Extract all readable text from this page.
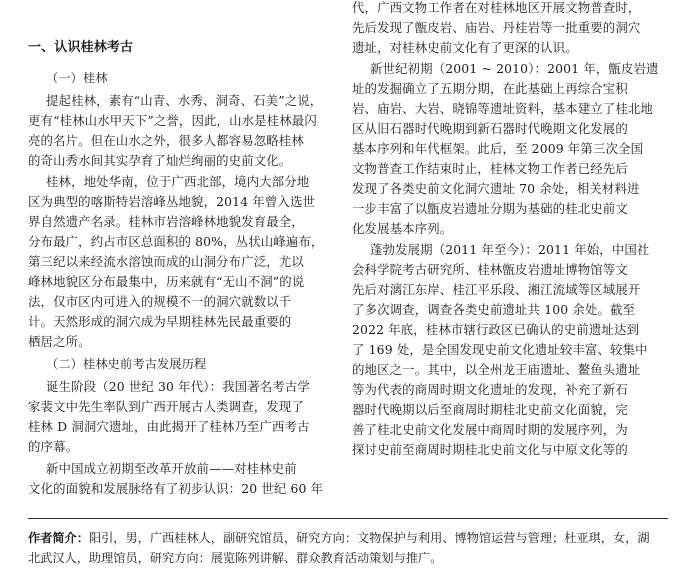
一、认识桂林考古
（一）桂林
提起桂林，素有“山青、水秀、洞奇、石美”之说，
更有“桂林山水甲天下”之誉，因此，山水是桂林最闪
亮的名片。但在山水之外，很多人都容易忽略桂林
的奇山秀水间其实孕育了灿烂绚丽的史前文化。
桂林，地处华南，位于广西北部，境内大部分地
区为典型的喀斯特岩溶峰丛地貌，2014 年曾入选世
界自然遗产名录。桂林市岩溶峰林地貌发育最全，
分布最广，约占市区总面积的 80%，丛状山峰遍布，
第三纪以来经流水溶蚀而成的山洞分布广泛，尤以
峰林地貌区分布最集中，历来就有“无山不洞”的说
法，仅市区内可进入的规模不一的洞穴就数以千
计。天然形成的洞穴成为早期桂林先民最重要的
栖居之所。
（二）桂林史前考古发展历程
诞生阶段（20 世纪 30 年代）：我国著名考古学
家裴文中先生率队到广西开展古人类调查，发现了
桂林 D 洞洞穴遗址，由此揭开了桂林乃至广西考古
的序幕。
新中国成立初期至改革开放前——对桂林史前
文化的面貌和发展脉络有了初步认识：20 世纪 60 年
代，广西文物工作者在对桂林地区开展文物普查时，
先后发现了甑皮岩、庙岩、丹桂岩等一批重要的洞穴
遗址，对桂林史前文化有了更深的认识。
新世纪初期（2001 ~ 2010）：2001 年，甑皮岩遗
址的发掘确立了五期分期，在此基础上再综合宝积
岩、庙岩、大岩、晓锦等遗址资料，基本建立了桂北地
区从旧石器时代晚期到新石器时代晚期文化发展的
基本序列和年代框架。此后，至 2009 年第三次全国
文物普查工作结束时止，桂林文物工作者已经先后
发现了各类史前文化洞穴遗址 70 余处，相关材料进
一步丰富了以甑皮岩遗址分期为基础的桂北史前文
化发展基本序列。
蓬勃发展期（2011 年至今）：2011 年始，中国社
会科学院考古研究所、桂林甑皮岩遗址博物馆等文
先后对漓江东岸、桂江平乐段、湘江流域等区域展开
了多次调查，调查各类史前遗址共 100 余处。截至
2022 年底，桂林市辖行政区已确认的史前遗址达到
了 169 处，是全国发现史前文化遗址较丰富、较集中
的地区之一。其中，以全州龙王庙遗址、鳌鱼头遗址
等为代表的商周时期文化遗址的发现，补充了新石
器时代晚期以后至商周时期桂北史前文化面貌，完
善了桂北史前文化发展中商周时期的发展序列，为
探讨史前至商周时期桂北史前文化与中原文化等的
作者简介：阳引，男，广西桂林人，副研究馆员，研究方向：文物保护与利用、博物馆运营与管理；杜亚琪，女，湖
北武汉人，助理馆员，研究方向：展览陈列讲解、群众教育活动策划与推广。
